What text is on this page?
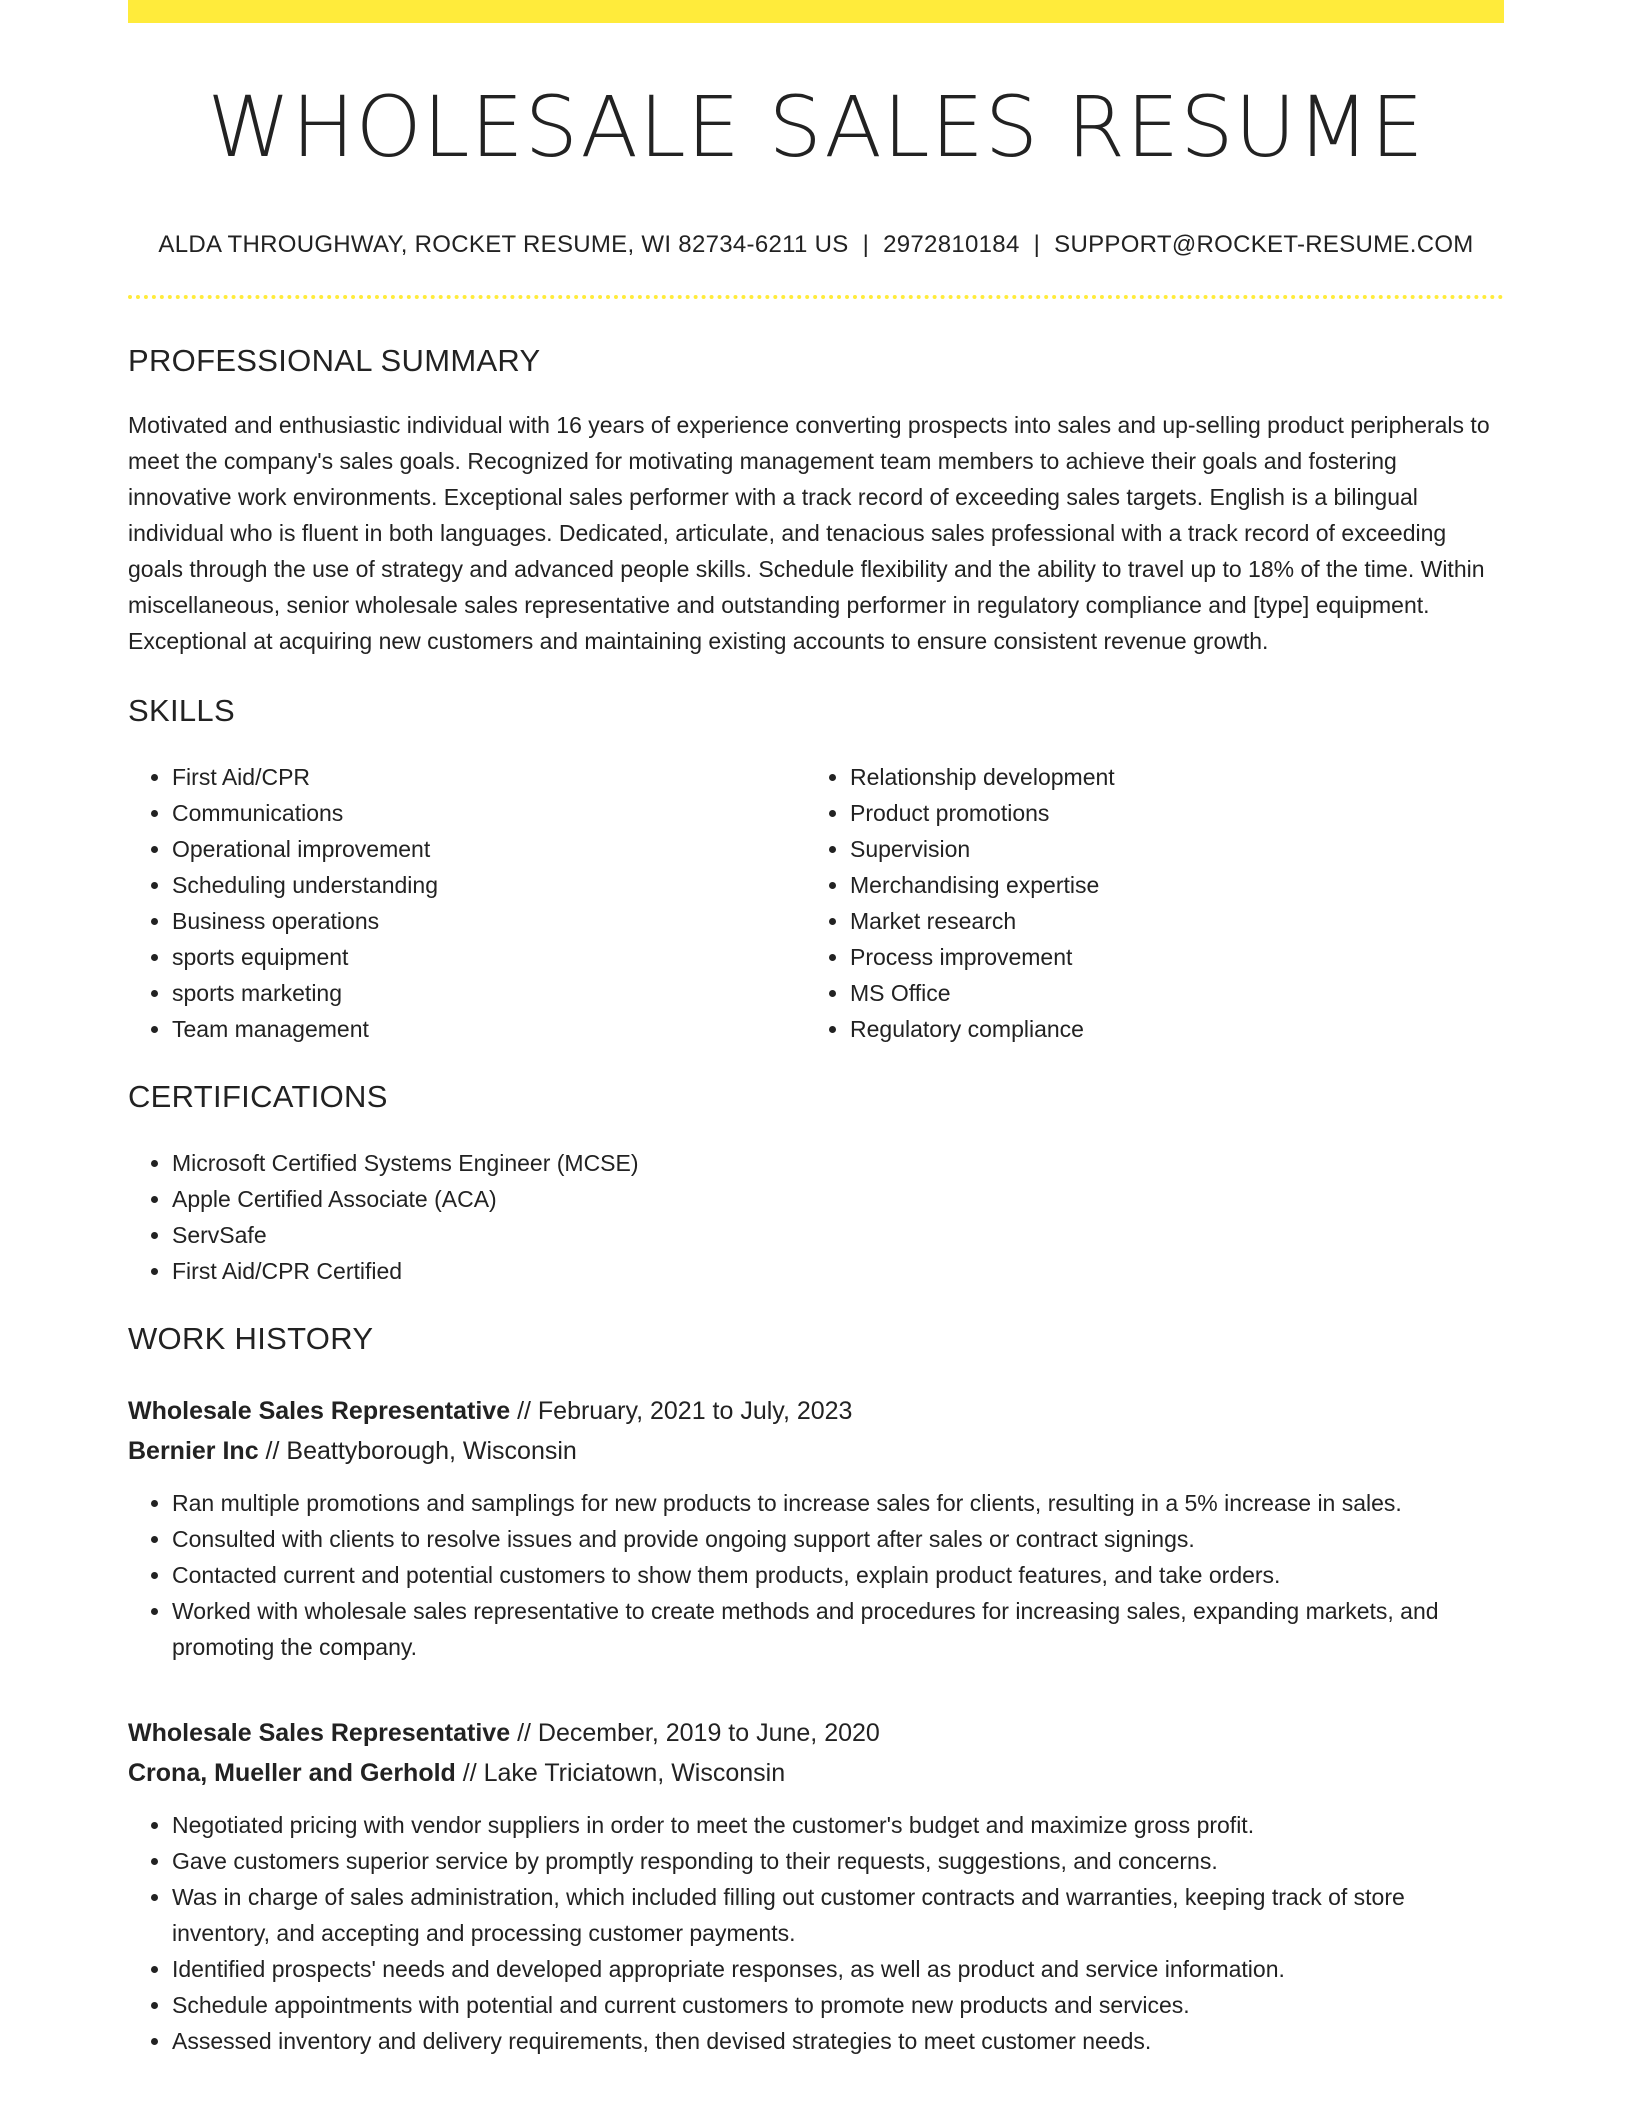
WHOLESALE SALES RESUME
ALDA THROUGHWAY, ROCKET RESUME, WI 82734-6211 US | 2972810184 | SUPPORT@ROCKET-RESUME.COM
PROFESSIONAL SUMMARY
Motivated and enthusiastic individual with 16 years of experience converting prospects into sales and up-selling product peripherals to meet the company's sales goals. Recognized for motivating management team members to achieve their goals and fostering innovative work environments. Exceptional sales performer with a track record of exceeding sales targets. English is a bilingual individual who is fluent in both languages. Dedicated, articulate, and tenacious sales professional with a track record of exceeding goals through the use of strategy and advanced people skills. Schedule flexibility and the ability to travel up to 18% of the time. Within miscellaneous, senior wholesale sales representative and outstanding performer in regulatory compliance and [type] equipment. Exceptional at acquiring new customers and maintaining existing accounts to ensure consistent revenue growth.
SKILLS
• First Aid/CPR
• Communications
• Operational improvement
• Scheduling understanding
• Business operations
• sports equipment
• sports marketing
• Team management
• Relationship development
• Product promotions
• Supervision
• Merchandising expertise
• Market research
• Process improvement
• MS Office
• Regulatory compliance
CERTIFICATIONS
• Microsoft Certified Systems Engineer (MCSE)
• Apple Certified Associate (ACA)
• ServSafe
• First Aid/CPR Certified
WORK HISTORY
Wholesale Sales Representative // February, 2021 to July, 2023
Bernier Inc // Beattyborough, Wisconsin
• Ran multiple promotions and samplings for new products to increase sales for clients, resulting in a 5% increase in sales.
• Consulted with clients to resolve issues and provide ongoing support after sales or contract signings.
• Contacted current and potential customers to show them products, explain product features, and take orders.
• Worked with wholesale sales representative to create methods and procedures for increasing sales, expanding markets, and promoting the company.
Wholesale Sales Representative // December, 2019 to June, 2020
Crona, Mueller and Gerhold // Lake Triciatown, Wisconsin
• Negotiated pricing with vendor suppliers in order to meet the customer's budget and maximize gross profit.
• Gave customers superior service by promptly responding to their requests, suggestions, and concerns.
• Was in charge of sales administration, which included filling out customer contracts and warranties, keeping track of store inventory, and accepting and processing customer payments.
• Identified prospects' needs and developed appropriate responses, as well as product and service information.
• Schedule appointments with potential and current customers to promote new products and services.
• Assessed inventory and delivery requirements, then devised strategies to meet customer needs.
